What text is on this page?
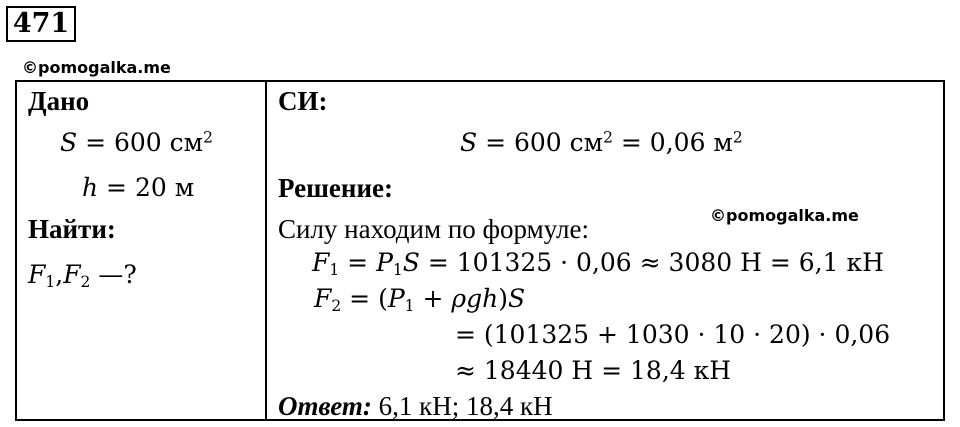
471
©pomogalka.me
Дано
S = 600 $см^2$
h = 20 м
Найти:
$F_1,F_2$ —?
СИ:
S = 600 $см^2 = 0,06$ $м^2$
Решение:
Силу находим по формуле:	©pomogalka.me
$F_1 = P_1S = 101325 \cdot 0,06 \approx 3080$ Н = 6,1 кН
$F_2 = (P_1 + \rho gh)S$
= (101325 + 1030 · 10 · 20) · 0,06
≈ 18440 Н = 18,4 кН
Ответ: 6,1 кН; 18,4 кН
